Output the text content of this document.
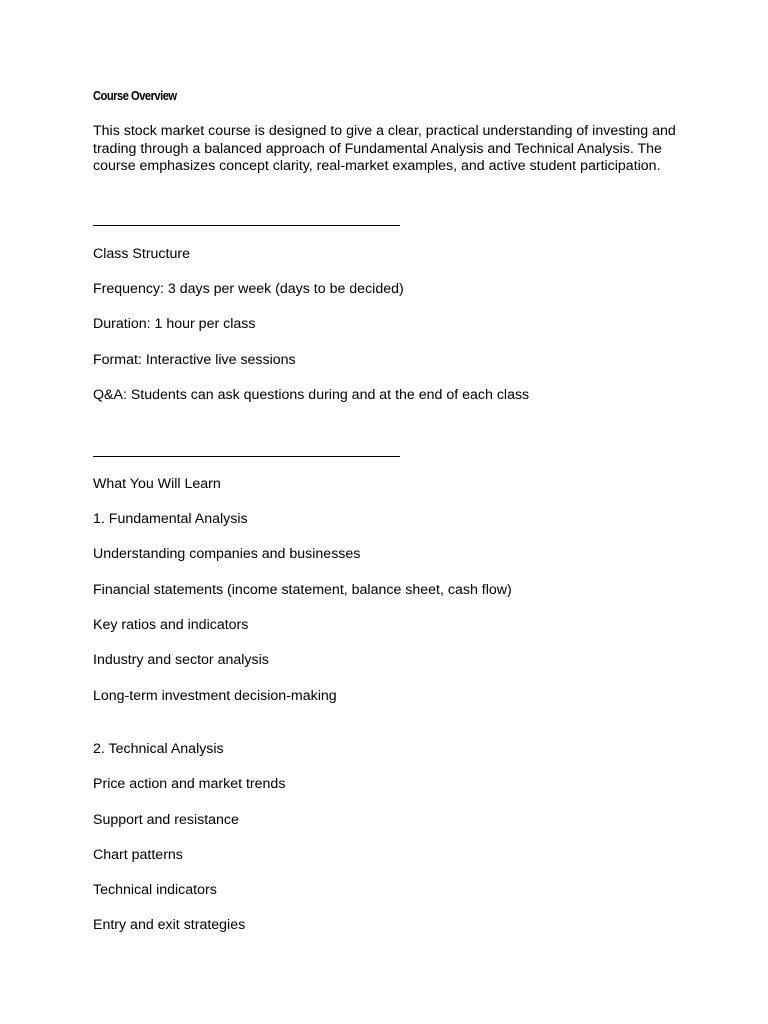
Course Overview

This stock market course is designed to give a clear, practical understanding of investing and trading through a balanced approach of Fundamental Analysis and Technical Analysis. The course emphasizes concept clarity, real-market examples, and active student participation.

Class Structure

Frequency: 3 days per week (days to be decided)

Duration: 1 hour per class

Format: Interactive live sessions

Q&A: Students can ask questions during and at the end of each class

What You Will Learn

1. Fundamental Analysis

Understanding companies and businesses

Financial statements (income statement, balance sheet, cash flow)

Key ratios and indicators

Industry and sector analysis

Long-term investment decision-making

2. Technical Analysis

Price action and market trends

Support and resistance

Chart patterns

Technical indicators

Entry and exit strategies
